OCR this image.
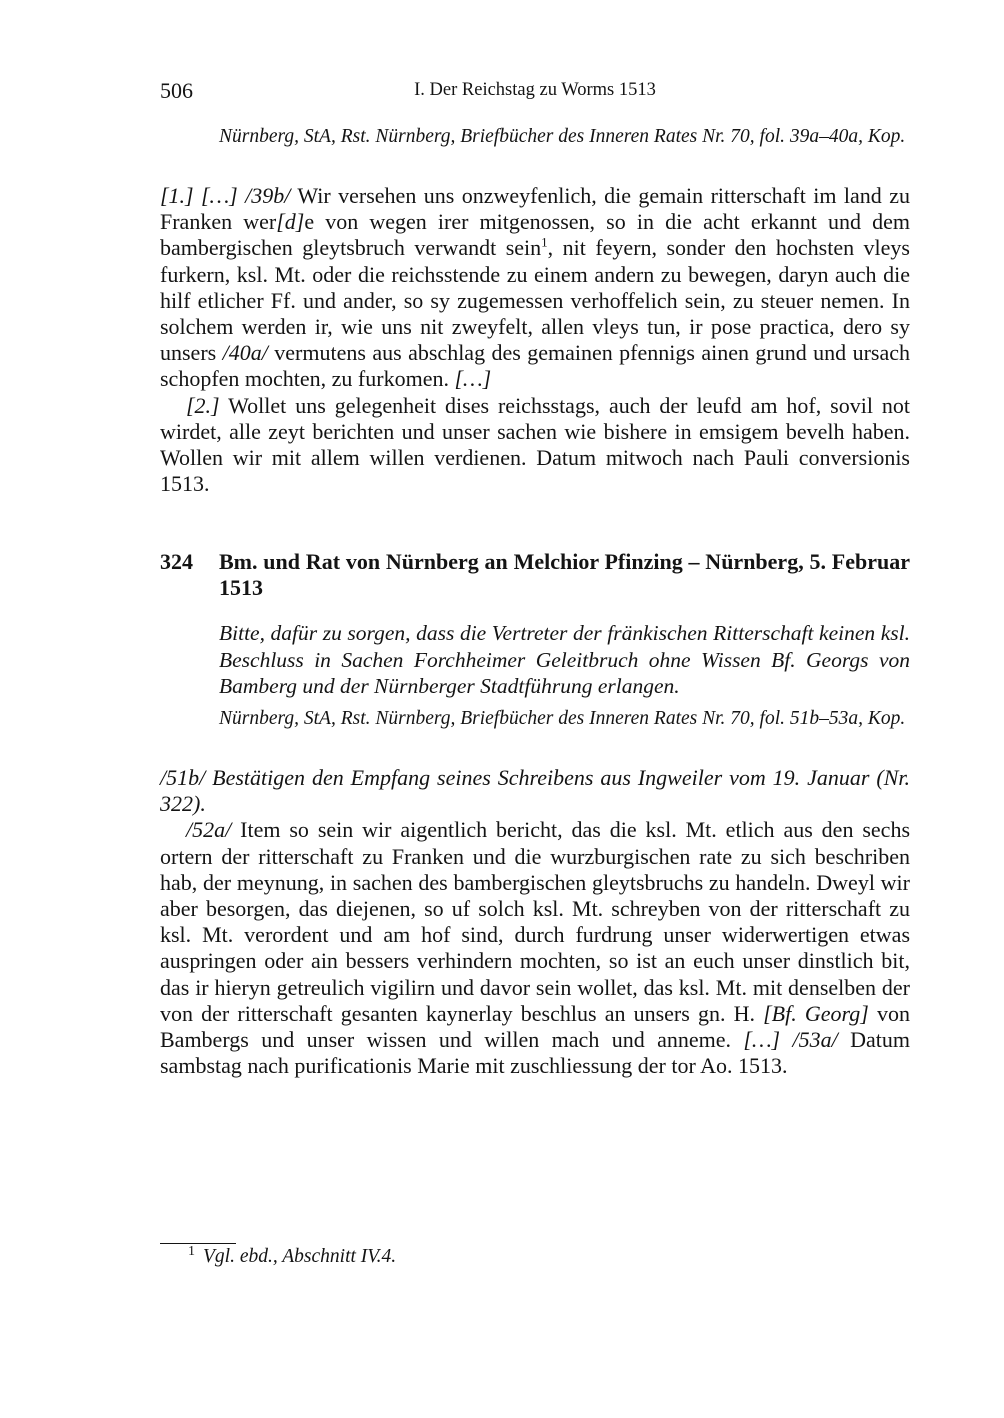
506	I. Der Reichstag zu Worms 1513
Nürnberg, StA, Rst. Nürnberg, Briefbücher des Inneren Rates Nr. 70, fol. 39a–40a, Kop.
[1.] […] /39b/ Wir versehen uns onzweyfenlich, die gemain ritterschaft im land zu Franken wer[d]e von wegen irer mitgenossen, so in die acht erkannt und dem bambergischen gleytsbruch verwandt sein$^1$, nit feyern, sonder den hochsten vleys furkern, ksl. Mt. oder die reichsstende zu einem andern zu bewegen, daryn auch die hilf etlicher Ff. und ander, so sy zugemessen verhoffelich sein, zu steuer nemen. In solchem werden ir, wie uns nit zweyfelt, allen vleys tun, ir pose practica, dero sy unsers /40a/ vermutens aus abschlag des gemainen pfennigs ainen grund und ursach schopfen mochten, zu furkomen. […]
[2.] Wollet uns gelegenheit dises reichsstags, auch der leufd am hof, sovil not wirdet, alle zeyt berichten und unser sachen wie bishere in emsigem bevelh haben. Wollen wir mit allem willen verdienen. Datum mitwoch nach Pauli conversionis 1513.
324 Bm. und Rat von Nürnberg an Melchior Pfinzing – Nürnberg, 5. Februar 1513
Bitte, dafür zu sorgen, dass die Vertreter der fränkischen Ritterschaft keinen ksl. Beschluss in Sachen Forchheimer Geleitbruch ohne Wissen Bf. Georgs von Bamberg und der Nürnberger Stadtführung erlangen.
Nürnberg, StA, Rst. Nürnberg, Briefbücher des Inneren Rates Nr. 70, fol. 51b–53a, Kop.
/51b/ Bestätigen den Empfang seines Schreibens aus Ingweiler vom 19. Januar (Nr. 322).
/52a/ Item so sein wir aigentlich bericht, das die ksl. Mt. etlich aus den sechs ortern der ritterschaft zu Franken und die wurzburgischen rate zu sich beschriben hab, der meynung, in sachen des bambergischen gleytsbruchs zu handeln. Dweyl wir aber besorgen, das diejenen, so uf solch ksl. Mt. schreyben von der ritterschaft zu ksl. Mt. verordent und am hof sind, durch furdrung unser widerwertigen etwas auspringen oder ain bessers verhindern mochten, so ist an euch unser dinstlich bit, das ir hieryn getreulich vigilirn und davor sein wollet, das ksl. Mt. mit denselben der von der ritterschaft gesanten kaynerlay beschlus an unsers gn. H. [Bf. Georg] von Bambergs und unser wissen und willen mach und anneme. […] /53a/ Datum sambstag nach purificationis Marie mit zuschliessung der tor Ao. 1513.
$^1$ Vgl. ebd., Abschnitt IV.4.
